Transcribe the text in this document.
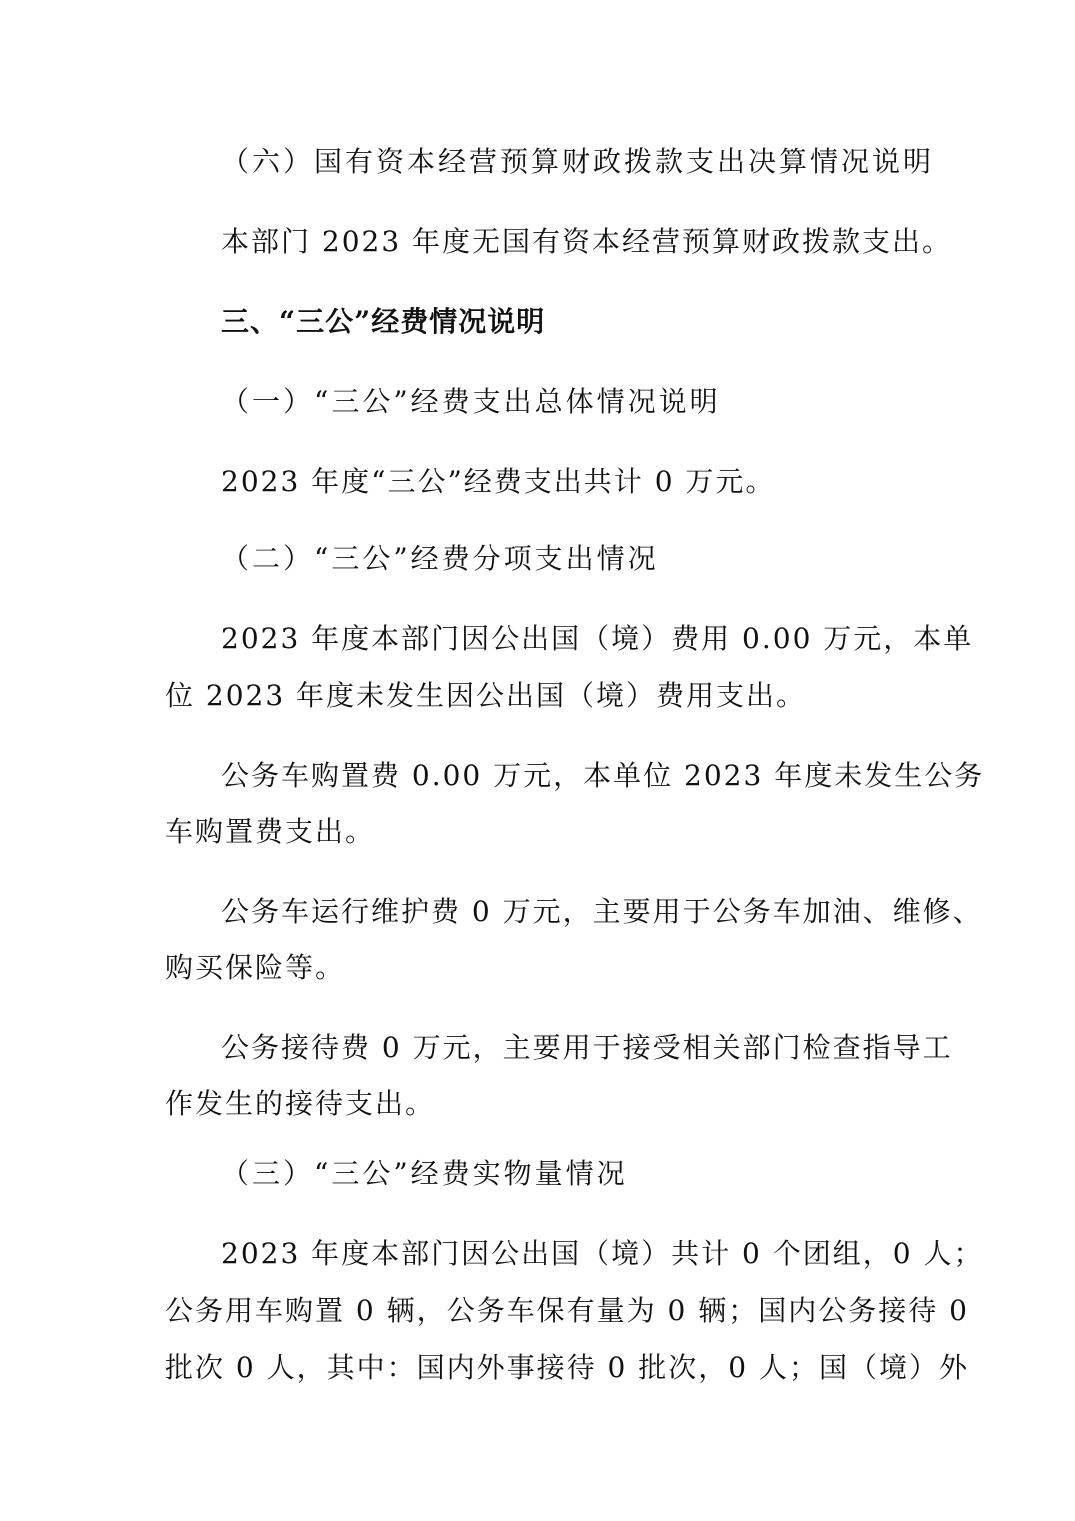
（六）国有资本经营预算财政拨款支出决算情况说明
本部门 2023 年度无国有资本经营预算财政拨款支出。
三、“三公”经费情况说明
（一）“三公”经费支出总体情况说明
2023 年度“三公”经费支出共计 0 万元。
（二）“三公”经费分项支出情况
2023 年度本部门因公出国（境）费用 0.00 万元，本单
位 2023 年度未发生因公出国（境）费用支出。
公务车购置费 0.00 万元，本单位 2023 年度未发生公务
车购置费支出。
公务车运行维护费 0 万元，主要用于公务车加油、维修、
购买保险等。
公务接待费 0 万元，主要用于接受相关部门检查指导工
作发生的接待支出。
（三）“三公”经费实物量情况
2023 年度本部门因公出国（境）共计 0 个团组，0 人；
公务用车购置 0 辆，公务车保有量为 0 辆；国内公务接待 0
批次 0 人，其中：国内外事接待 0 批次，0 人；国（境）外
